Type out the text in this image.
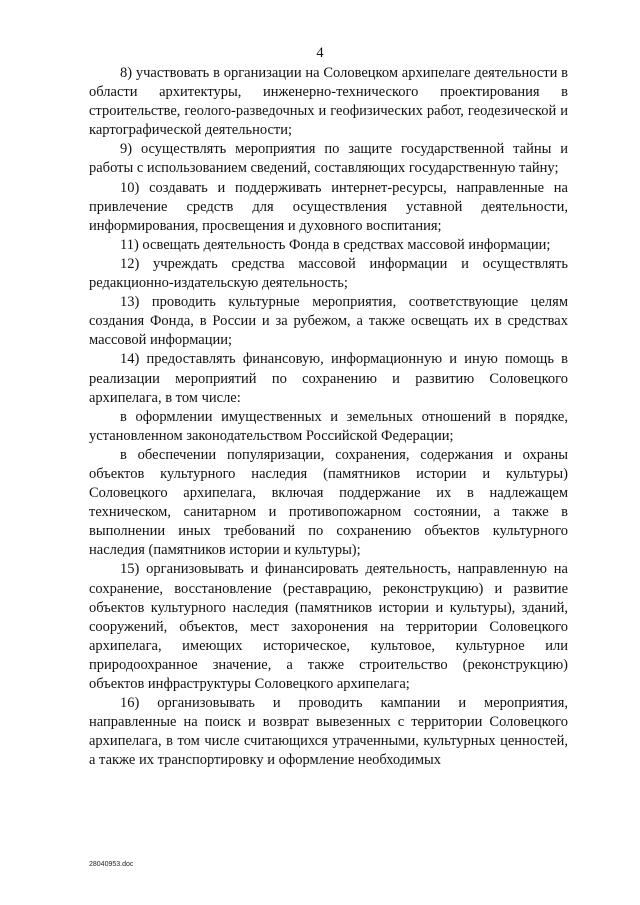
4

8) участвовать в организации на Соловецком архипелаге деятельности в области архитектуры, инженерно-технического проектирования в строительстве, геолого-разведочных и геофизических работ, геодезической и картографической деятельности;

9) осуществлять мероприятия по защите государственной тайны и работы с использованием сведений, составляющих государственную тайну;

10) создавать и поддерживать интернет-ресурсы, направленные на привлечение средств для осуществления уставной деятельности, информирования, просвещения и духовного воспитания;

11) освещать деятельность Фонда в средствах массовой информации;

12) учреждать средства массовой информации и осуществлять редакционно-издательскую деятельность;

13) проводить культурные мероприятия, соответствующие целям создания Фонда, в России и за рубежом, а также освещать их в средствах массовой информации;

14) предоставлять финансовую, информационную и иную помощь в реализации мероприятий по сохранению и развитию Соловецкого архипелага, в том числе:

в оформлении имущественных и земельных отношений в порядке, установленном законодательством Российской Федерации;

в обеспечении популяризации, сохранения, содержания и охраны объектов культурного наследия (памятников истории и культуры) Соловецкого архипелага, включая поддержание их в надлежащем техническом, санитарном и противопожарном состоянии, а также в выполнении иных требований по сохранению объектов культурного наследия (памятников истории и культуры);

15) организовывать и финансировать деятельность, направленную на сохранение, восстановление (реставрацию, реконструкцию) и развитие объектов культурного наследия (памятников истории и культуры), зданий, сооружений, объектов, мест захоронения на территории Соловецкого архипелага, имеющих историческое, культовое, культурное или природоохранное значение, а также строительство (реконструкцию) объектов инфраструктуры Соловецкого архипелага;

16) организовывать и проводить кампании и мероприятия, направленные на поиск и возврат вывезенных с территории Соловецкого архипелага, в том числе считающихся утраченными, культурных ценностей, а также их транспортировку и оформление необходимых

28040953.doc
